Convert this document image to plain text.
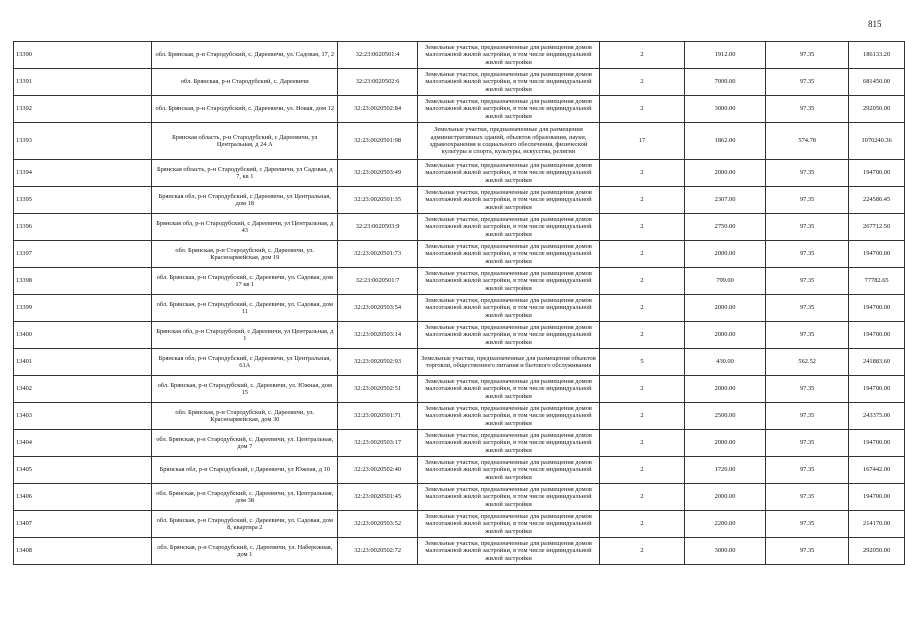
815
13390	обл. Брянская, р-н Стародубский, с. Дареевичи, ул. Садовая, 17, 2	32:23:0020501:4	Земельные участки, предназначенные для размещения домов малоэтажной жилой застройки, в том числе индивидуальной жилой застройки	2	1912.00	97.35	186133.20
13391	обл. Брянская, р-н Стародубский, с. Дареевичи	32:23:0020502:6	Земельные участки, предназначенные для размещения домов малоэтажной жилой застройки, в том числе индивидуальной жилой застройки	2	7000.00	97.35	681450.00
13392	обл. Брянская, р-н Стародубский, с. Дареевичи, ул. Новая, дом 12	32:23:0020502:84	Земельные участки, предназначенные для размещения домов малоэтажной жилой застройки, в том числе индивидуальной жилой застройки	2	3000.00	97.35	292050.00
13393	Брянская область, р-н Стародубский, с Дареевичи, ул Центральная, д 24 А	32:23:0020501:98	Земельные участки, предназначенные для размещения административных зданий, объектов образования, науки, здравоохранения и социального обеспечения, физической культуры и спорта, культуры, искусства, религии	17	1862.00	574.78	1070240.36
13394	Брянская область, р-н Стародубский, с Дареевичи, ул Садовая, д 7, кв 1	32:23:0020503:49	Земельные участки, предназначенные для размещения домов малоэтажной жилой застройки, в том числе индивидуальной жилой застройки	2	2000.00	97.35	194700.00
13395	Брянская обл, р-н Стародубский, с Дареевичи, ул Центральная, дом 18	32:23:0020501:35	Земельные участки, предназначенные для размещения домов малоэтажной жилой застройки, в том числе индивидуальной жилой застройки	2	2307.00	97.35	224586.45
13396	Брянская обл, р-н Стародубский, с Дареевичи, ул Центральная, д 43	32:23:0020503:9	Земельные участки, предназначенные для размещения домов малоэтажной жилой застройки, в том числе индивидуальной жилой застройки	2	2750.00	97.35	267712.50
13397	обл. Брянская, р-н Стародубский, с. Дареевичи, ул. Красноармейская, дом 19	32:23:0020501:73	Земельные участки, предназначенные для размещения домов малоэтажной жилой застройки, в том числе индивидуальной жилой застройки	2	2000.00	97.35	194700.00
13398	обл. Брянская, р-н Стародубский, с. Дареевичи, ул. Садовая, дом 17 кв 1	32:23:0020501:7	Земельные участки, предназначенные для размещения домов малоэтажной жилой застройки, в том числе индивидуальной жилой застройки	2	799.00	97.35	77782.65
13399	обл. Брянская, р-н Стародубский, с. Дареевичи, ул. Садовая, дом 11	32:23:0020503:54	Земельные участки, предназначенные для размещения домов малоэтажной жилой застройки, в том числе индивидуальной жилой застройки	2	2000.00	97.35	194700.00
13400	Брянская обл, р-н Стародубский, с Дареевичи, ул Центральная, д 1	32:23:0020503:14	Земельные участки, предназначенные для размещения домов малоэтажной жилой застройки, в том числе индивидуальной жилой застройки	2	2000.00	97.35	194700.00
13401	Брянская обл, р-н Стародубский, с Дареевичи, ул Центральная, 61А	32:23:0020502:93	Земельные участки, предназначенные для размещения объектов торговли, общественного питания и бытового обслуживания	5	430.00	562.52	241883.60
13402	обл. Брянская, р-н Стародубский, с. Дареевичи, ул. Южная, дом 15	32:23:0020502:51	Земельные участки, предназначенные для размещения домов малоэтажной жилой застройки, в том числе индивидуальной жилой застройки	2	2000.00	97.35	194700.00
13403	обл. Брянская, р-н Стародубский, с. Дареевичи, ул. Красноармейская, дом 30	32:23:0020501:71	Земельные участки, предназначенные для размещения домов малоэтажной жилой застройки, в том числе индивидуальной жилой застройки	2	2500.00	97.35	243375.00
13404	обл. Брянская, р-н Стародубский, с. Дареевичи, ул. Центральная, дом 7	32:23:0020503:17	Земельные участки, предназначенные для размещения домов малоэтажной жилой застройки, в том числе индивидуальной жилой застройки	2	2000.00	97.35	194700.00
13405	Брянская обл, р-н Стародубский, с Дареевичи, ул Южная, д 10	32:23:0020502:40	Земельные участки, предназначенные для размещения домов малоэтажной жилой застройки, в том числе индивидуальной жилой застройки	2	1720.00	97.35	167442.00
13406	обл. Брянская, р-н Стародубский, с. Дареевичи, ул. Центральная, дом 38	32:23:0020501:45	Земельные участки, предназначенные для размещения домов малоэтажной жилой застройки, в том числе индивидуальной жилой застройки	2	2000.00	97.35	194700.00
13407	обл. Брянская, р-н Стародубский, с. Дареевичи, ул. Садовая, дом 8, квартира 2	32:23:0020503:52	Земельные участки, предназначенные для размещения домов малоэтажной жилой застройки, в том числе индивидуальной жилой застройки	2	2200.00	97.35	214170.00
13408	обл. Брянская, р-н Стародубский, с. Дареевичи, ул. Набережная, дом 1	32:23:0020502:72	Земельные участки, предназначенные для размещения домов малоэтажной жилой застройки, в том числе индивидуальной жилой застройки	2	3000.00	97.35	292050.00
